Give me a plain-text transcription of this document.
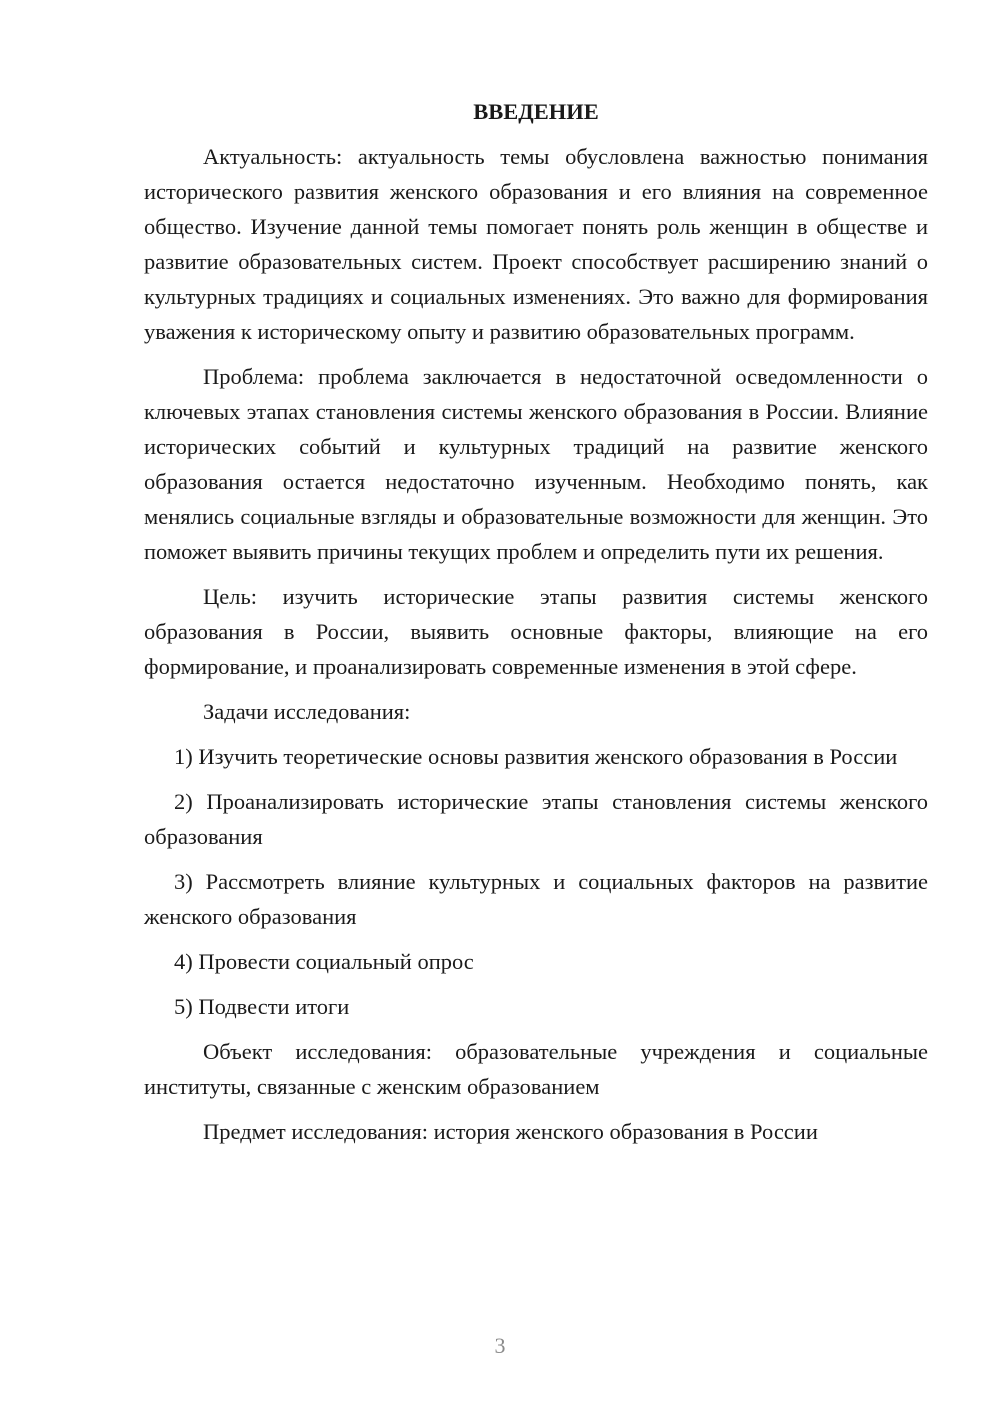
ВВЕДЕНИЕ

Актуальность: актуальность темы обусловлена важностью понимания исторического развития женского образования и его влияния на современное общество. Изучение данной темы помогает понять роль женщин в обществе и развитие образовательных систем. Проект способствует расширению знаний о культурных традициях и социальных изменениях. Это важно для формирования уважения к историческому опыту и развитию образовательных программ.

Проблема: проблема заключается в недостаточной осведомленности о ключевых этапах становления системы женского образования в России. Влияние исторических событий и культурных традиций на развитие женского образования остается недостаточно изученным. Необходимо понять, как менялись социальные взгляды и образовательные возможности для женщин. Это поможет выявить причины текущих проблем и определить пути их решения.

Цель: изучить исторические этапы развития системы женского образования в России, выявить основные факторы, влияющие на его формирование, и проанализировать современные изменения в этой сфере.

Задачи исследования:

1) Изучить теоретические основы развития женского образования в России

2) Проанализировать исторические этапы становления системы женского образования

3) Рассмотреть влияние культурных и социальных факторов на развитие женского образования

4) Провести социальный опрос

5) Подвести итоги

Объект исследования: образовательные учреждения и социальные институты, связанные с женским образованием

Предмет исследования: история женского образования в России

3
